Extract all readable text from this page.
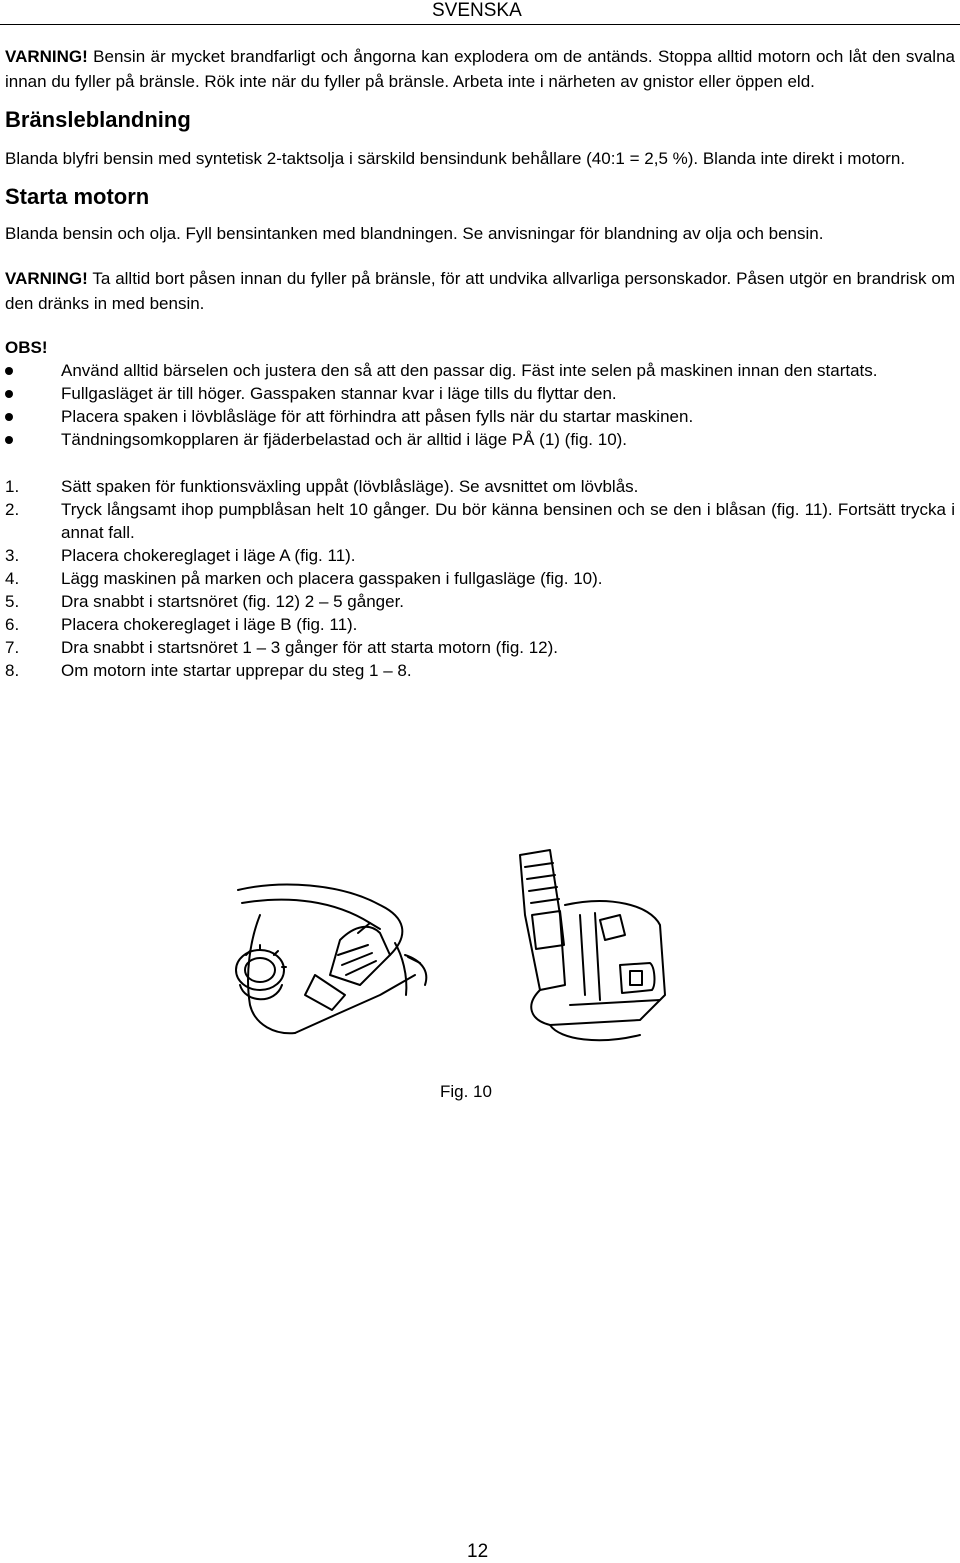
SVENSKA

VARNING! Bensin är mycket brandfarligt och ångorna kan explodera om de antänds. Stoppa alltid motorn och låt den svalna innan du fyller på bränsle. Rök inte när du fyller på bränsle. Arbeta inte i närheten av gnistor eller öppen eld.

Bränsleblandning

Blanda blyfri bensin med syntetisk 2-taktsolja i särskild bensindunk behållare (40:1 = 2,5 %). Blanda inte direkt i motorn.

Starta motorn

Blanda bensin och olja. Fyll bensintanken med blandningen. Se anvisningar för blandning av olja och bensin.

VARNING! Ta alltid bort påsen innan du fyller på bränsle, för att undvika allvarliga personskador. Påsen utgör en brandrisk om den dränks in med bensin.

OBS!

Använd alltid bärselen och justera den så att den passar dig. Fäst inte selen på maskinen innan den startats.
Fullgasläget är till höger. Gasspaken stannar kvar i läge tills du flyttar den.
Placera spaken i lövblåsläge för att förhindra att påsen fylls när du startar maskinen.
Tändningsomkopplaren är fjäderbelastad och är alltid i läge PÅ (1) (fig. 10).
1. Sätt spaken för funktionsväxling uppåt (lövblåsläge). Se avsnittet om lövblås.
2. Tryck långsamt ihop pumpblåsan helt 10 gånger. Du bör känna bensinen och se den i blåsan (fig. 11). Fortsätt trycka i annat fall.
3. Placera chokereglaget i läge A (fig. 11).
4. Lägg maskinen på marken och placera gasspaken i fullgasläge (fig. 10).
5. Dra snabbt i startsnöret (fig. 12) 2 – 5 gånger.
6. Placera chokereglaget i läge B (fig. 11).
7. Dra snabbt i startsnöret 1 – 3 gånger för att starta motorn (fig. 12).
8. Om motorn inte startar upprepar du steg 1 – 8.
Fig. 10
12
